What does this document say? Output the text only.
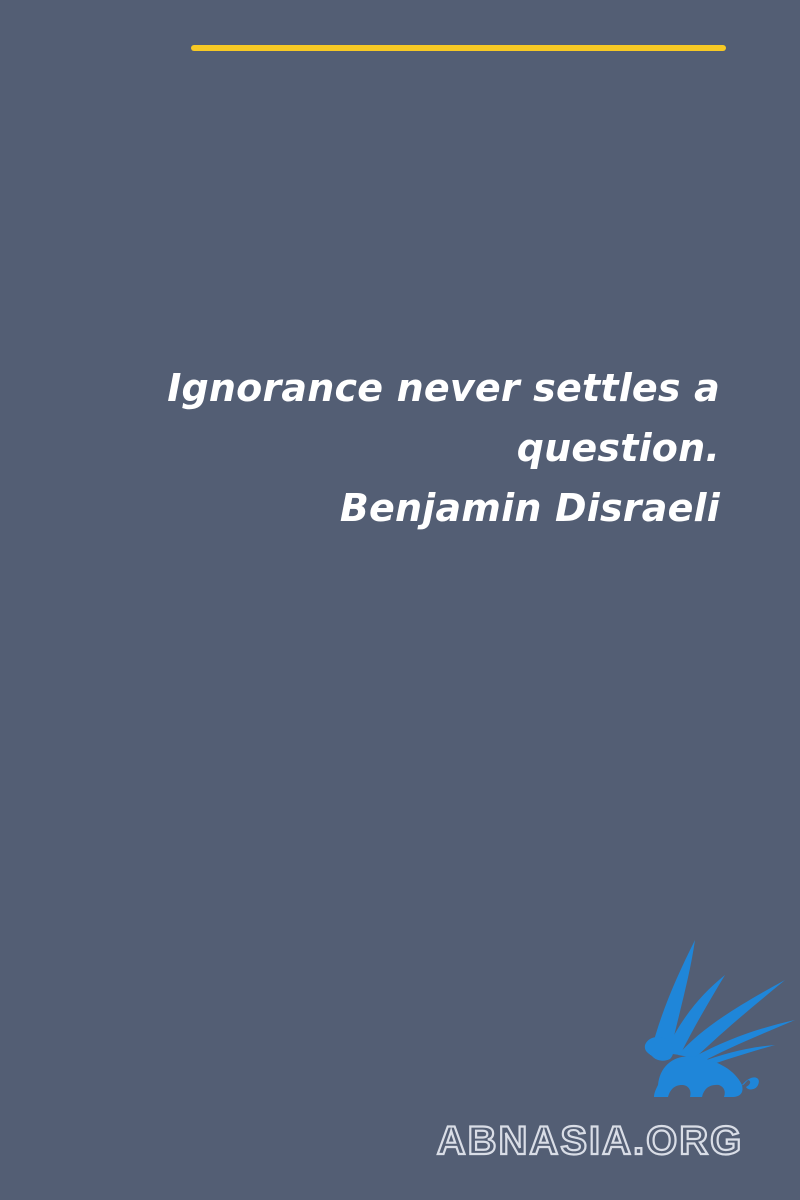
Ignorance never settles a
question.
Benjamin Disraeli
ABNASIA.ORG
